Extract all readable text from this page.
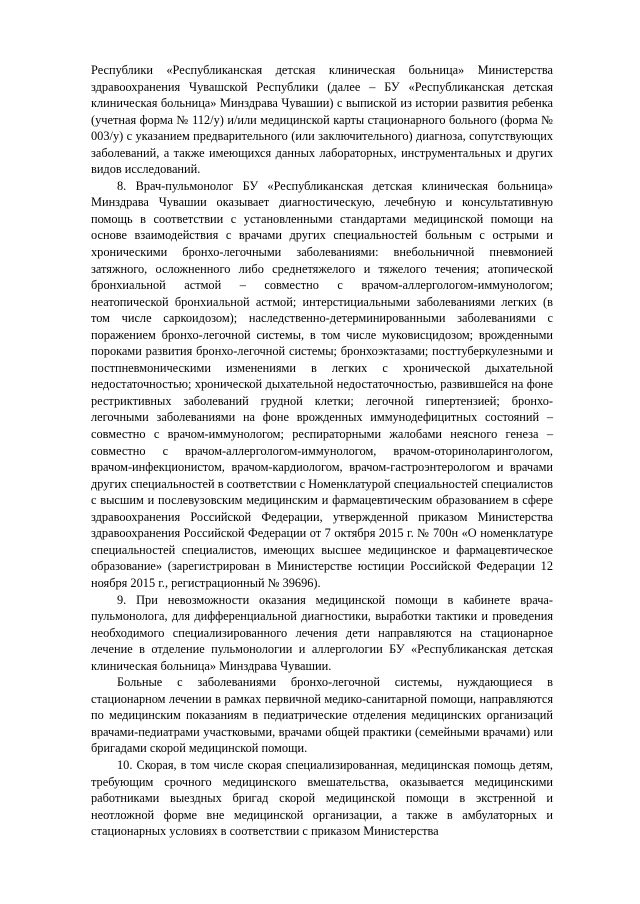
Республики «Республиканская детская клиническая больница» Министерства здравоохранения Чувашской Республики (далее – БУ «Республиканская детская клиническая больница» Минздрава Чувашии) с выпиской из истории развития ребенка (учетная форма № 112/у) и/или медицинской карты стационарного больного (форма № 003/у) с указанием предварительного (или заключительного) диагноза, сопутствующих заболеваний, а также имеющихся данных лабораторных, инструментальных и других видов исследований.

8. Врач-пульмонолог БУ «Республиканская детская клиническая больница» Минздрава Чувашии оказывает диагностическую, лечебную и консультативную помощь в соответствии с установленными стандартами медицинской помощи на основе взаимодействия с врачами других специальностей больным с острыми и хроническими бронхо-легочными заболеваниями: внебольничной пневмонией затяжного, осложненного либо среднетяжелого и тяжелого течения; атопической бронхиальной астмой – совместно с врачом-аллергологом-иммунологом; неатопической бронхиальной астмой; интерстициальными заболеваниями легких (в том числе саркоидозом); наследственно-детерминированными заболеваниями с поражением бронхо-легочной системы, в том числе муковисцидозом; врожденными пороками развития бронхо-легочной системы; бронхоэктазами; посттуберкулезными и постпневмоническими изменениями в легких с хронической дыхательной недостаточностью; хронической дыхательной недостаточностью, развившейся на фоне рестриктивных заболеваний грудной клетки; легочной гипертензией; бронхо-легочными заболеваниями на фоне врожденных иммунодефицитных состояний – совместно с врачом-иммунологом; респираторными жалобами неясного генеза – совместно с врачом-аллергологом-иммунологом, врачом-оториноларингологом, врачом-инфекционистом, врачом-кардиологом, врачом-гастроэнтерологом и врачами других специальностей в соответствии с Номенклатурой специальностей специалистов с высшим и послевузовским медицинским и фармацевтическим образованием в сфере здравоохранения Российской Федерации, утвержденной приказом Министерства здравоохранения Российской Федерации от 7 октября 2015 г. № 700н «О номенклатуре специальностей специалистов, имеющих высшее медицинское и фармацевтическое образование» (зарегистрирован в Министерстве юстиции Российской Федерации 12 ноября 2015 г., регистрационный № 39696).

9. При невозможности оказания медицинской помощи в кабинете врача-пульмонолога, для дифференциальной диагностики, выработки тактики и проведения необходимого специализированного лечения дети направляются на стационарное лечение в отделение пульмонологии и аллергологии БУ «Республиканская детская клиническая больница» Минздрава Чувашии.

Больные с заболеваниями бронхо-легочной системы, нуждающиеся в стационарном лечении в рамках первичной медико-санитарной помощи, направляются по медицинским показаниям в педиатрические отделения медицинских организаций врачами-педиатрами участковыми, врачами общей практики (семейными врачами) или бригадами скорой медицинской помощи.

10. Скорая, в том числе скорая специализированная, медицинская помощь детям, требующим срочного медицинского вмешательства, оказывается медицинскими работниками выездных бригад скорой медицинской помощи в экстренной и неотложной форме вне медицинской организации, а также в амбулаторных и стационарных условиях в соответствии с приказом Министерства
